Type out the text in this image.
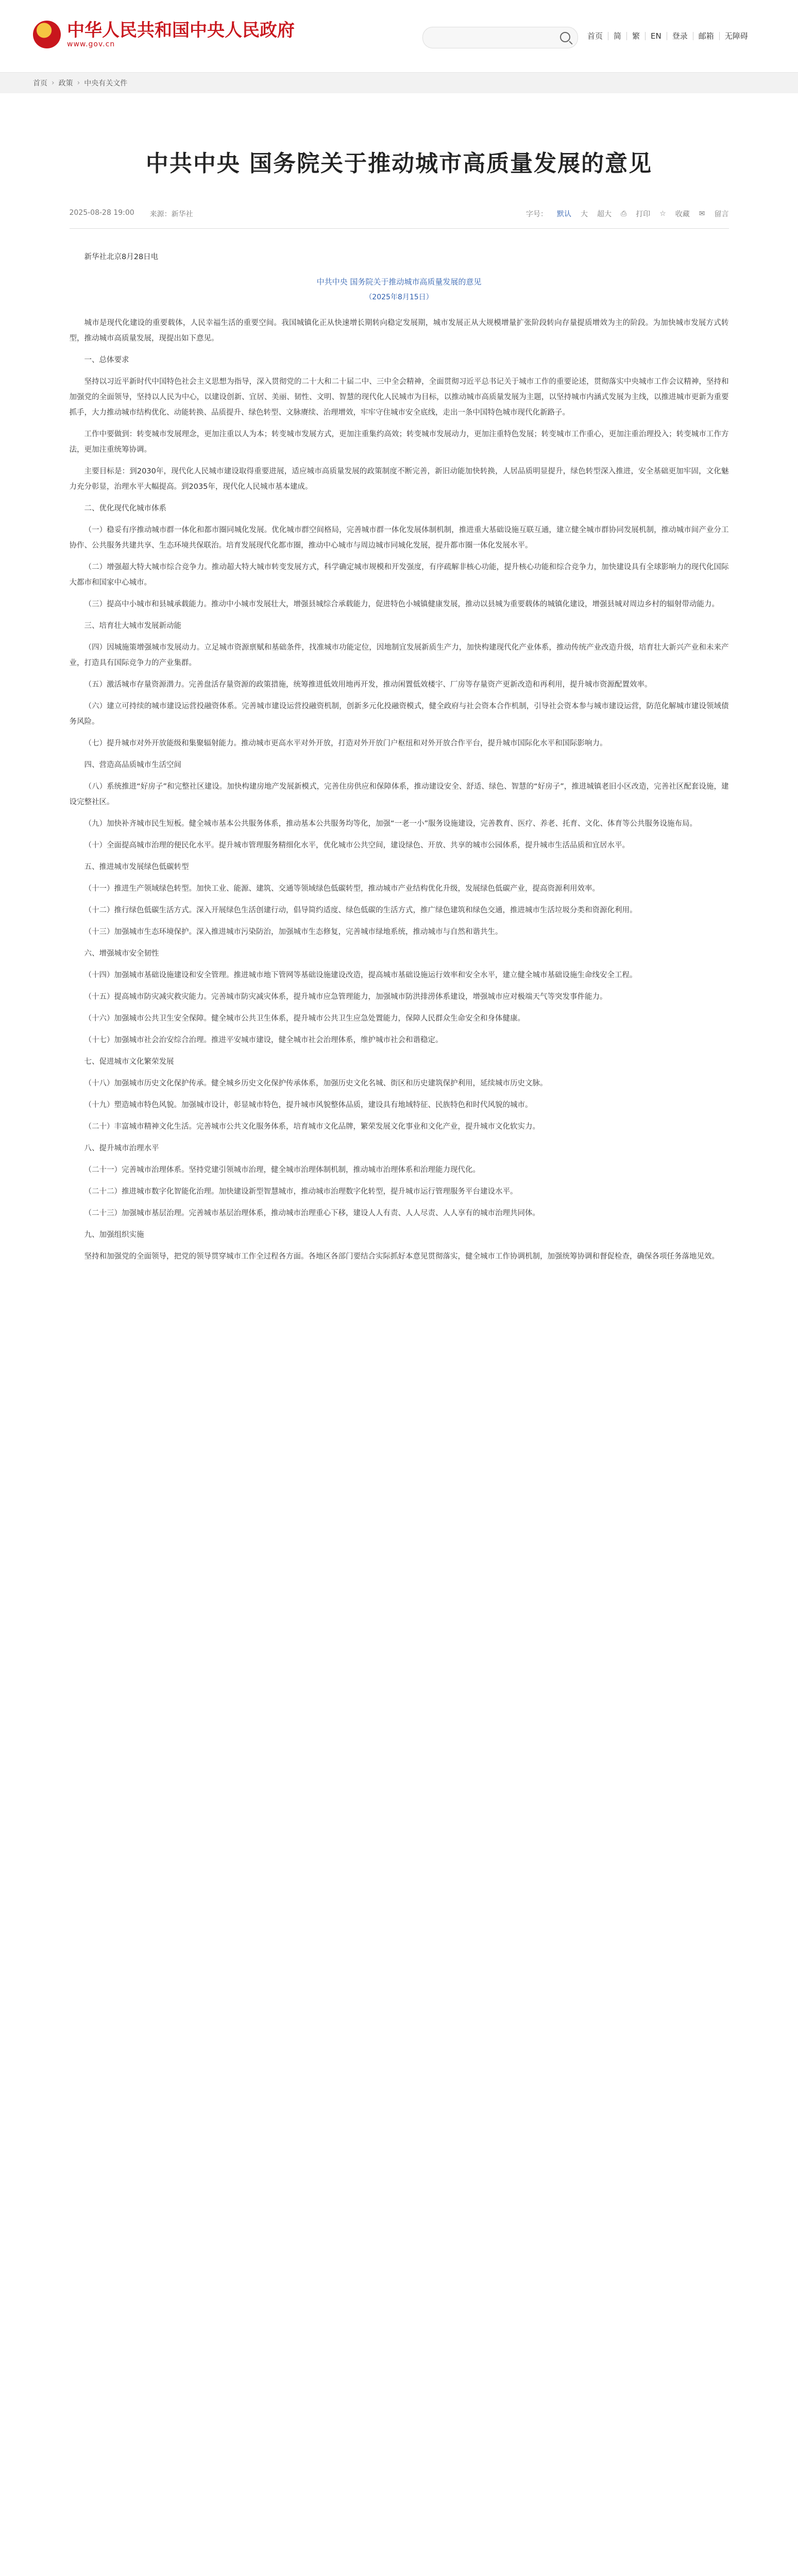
中华人民共和国中央人民政府
www.gov.cn
首页	简	繁	EN	登录	邮箱	无障碍
首页 › 政策 › 中央有关文件
中共中央 国务院关于推动城市高质量发展的意见
2025-08-28 19:00 来源：新华社	字号： 默认 大 超大 ⎙ 打印 ☆ 收藏 ✉ 留言

新华社北京8月28日电

中共中央 国务院关于推动城市高质量发展的意见

（2025年8月15日）

城市是现代化建设的重要载体，人民幸福生活的重要空间。我国城镇化正从快速增长期转向稳定发展期，城市发展正从大规模增量扩张阶段转向存量提质增效为主的阶段。为加快城市发展方式转型，推动城市高质量发展，现提出如下意见。

一、总体要求

坚持以习近平新时代中国特色社会主义思想为指导，深入贯彻党的二十大和二十届二中、三中全会精神，全面贯彻习近平总书记关于城市工作的重要论述，贯彻落实中央城市工作会议精神，坚持和加强党的全面领导，坚持以人民为中心，以建设创新、宜居、美丽、韧性、文明、智慧的现代化人民城市为目标，以推动城市高质量发展为主题，以坚持城市内涵式发展为主线，以推进城市更新为重要抓手，大力推动城市结构优化、动能转换、品质提升、绿色转型、文脉赓续、治理增效，牢牢守住城市安全底线，走出一条中国特色城市现代化新路子。

工作中要做到：转变城市发展理念，更加注重以人为本；转变城市发展方式，更加注重集约高效；转变城市发展动力，更加注重特色发展；转变城市工作重心，更加注重治理投入；转变城市工作方法，更加注重统筹协调。

主要目标是：到2030年，现代化人民城市建设取得重要进展，适应城市高质量发展的政策制度不断完善，新旧动能加快转换，人居品质明显提升，绿色转型深入推进，安全基础更加牢固，文化魅力充分彰显，治理水平大幅提高。到2035年，现代化人民城市基本建成。

二、优化现代化城市体系

（一）稳妥有序推动城市群一体化和都市圈同城化发展。优化城市群空间格局，完善城市群一体化发展体制机制，推进重大基础设施互联互通，建立健全城市群协同发展机制，推动城市间产业分工协作、公共服务共建共享、生态环境共保联治。培育发展现代化都市圈，推动中心城市与周边城市同城化发展，提升都市圈一体化发展水平。

（二）增强超大特大城市综合竞争力。推动超大特大城市转变发展方式，科学确定城市规模和开发强度，有序疏解非核心功能，提升核心功能和综合竞争力，加快建设具有全球影响力的现代化国际大都市和国家中心城市。

（三）提高中小城市和县城承载能力。推动中小城市发展壮大，增强县城综合承载能力，促进特色小城镇健康发展，推动以县城为重要载体的城镇化建设，增强县城对周边乡村的辐射带动能力。

三、培育壮大城市发展新动能

（四）因城施策增强城市发展动力。立足城市资源禀赋和基础条件，找准城市功能定位，因地制宜发展新质生产力，加快构建现代化产业体系，推动传统产业改造升级，培育壮大新兴产业和未来产业，打造具有国际竞争力的产业集群。

（五）激活城市存量资源潜力。完善盘活存量资源的政策措施，统筹推进低效用地再开发，推动闲置低效楼宇、厂房等存量资产更新改造和再利用，提升城市资源配置效率。

（六）建立可持续的城市建设运营投融资体系。完善城市建设运营投融资机制，创新多元化投融资模式，健全政府与社会资本合作机制，引导社会资本参与城市建设运营，防范化解城市建设领域债务风险。

（七）提升城市对外开放能级和集聚辐射能力。推动城市更高水平对外开放，打造对外开放门户枢纽和对外开放合作平台，提升城市国际化水平和国际影响力。

四、营造高品质城市生活空间

（八）系统推进“好房子”和完整社区建设。加快构建房地产发展新模式，完善住房供应和保障体系，推动建设安全、舒适、绿色、智慧的“好房子”，推进城镇老旧小区改造，完善社区配套设施，建设完整社区。

（九）加快补齐城市民生短板。健全城市基本公共服务体系，推动基本公共服务均等化，加强“一老一小”服务设施建设，完善教育、医疗、养老、托育、文化、体育等公共服务设施布局。

（十）全面提高城市治理的便民化水平。提升城市管理服务精细化水平，优化城市公共空间，建设绿色、开放、共享的城市公园体系，提升城市生活品质和宜居水平。

五、推进城市发展绿色低碳转型

（十一）推进生产领域绿色转型。加快工业、能源、建筑、交通等领域绿色低碳转型，推动城市产业结构优化升级，发展绿色低碳产业，提高资源利用效率。

（十二）推行绿色低碳生活方式。深入开展绿色生活创建行动，倡导简约适度、绿色低碳的生活方式，推广绿色建筑和绿色交通，推进城市生活垃圾分类和资源化利用。

（十三）加强城市生态环境保护。深入推进城市污染防治，加强城市生态修复，完善城市绿地系统，推动城市与自然和谐共生。

六、增强城市安全韧性

（十四）加强城市基础设施建设和安全管理。推进城市地下管网等基础设施建设改造，提高城市基础设施运行效率和安全水平，建立健全城市基础设施生命线安全工程。

（十五）提高城市防灾减灾救灾能力。完善城市防灾减灾体系，提升城市应急管理能力，加强城市防洪排涝体系建设，增强城市应对极端天气等突发事件能力。

（十六）加强城市公共卫生安全保障。健全城市公共卫生体系，提升城市公共卫生应急处置能力，保障人民群众生命安全和身体健康。

（十七）加强城市社会治安综合治理。推进平安城市建设，健全城市社会治理体系，维护城市社会和谐稳定。

七、促进城市文化繁荣发展

（十八）加强城市历史文化保护传承。健全城乡历史文化保护传承体系，加强历史文化名城、街区和历史建筑保护利用，延续城市历史文脉。

（十九）塑造城市特色风貌。加强城市设计，彰显城市特色，提升城市风貌整体品质，建设具有地域特征、民族特色和时代风貌的城市。

（二十）丰富城市精神文化生活。完善城市公共文化服务体系，培育城市文化品牌，繁荣发展文化事业和文化产业，提升城市文化软实力。

八、提升城市治理水平

（二十一）完善城市治理体系。坚持党建引领城市治理，健全城市治理体制机制，推动城市治理体系和治理能力现代化。

（二十二）推进城市数字化智能化治理。加快建设新型智慧城市，推动城市治理数字化转型，提升城市运行管理服务平台建设水平。

（二十三）加强城市基层治理。完善城市基层治理体系，推动城市治理重心下移，建设人人有责、人人尽责、人人享有的城市治理共同体。

九、加强组织实施

坚持和加强党的全面领导，把党的领导贯穿城市工作全过程各方面。各地区各部门要结合实际抓好本意见贯彻落实，健全城市工作协调机制，加强统筹协调和督促检查，确保各项任务落地见效。
